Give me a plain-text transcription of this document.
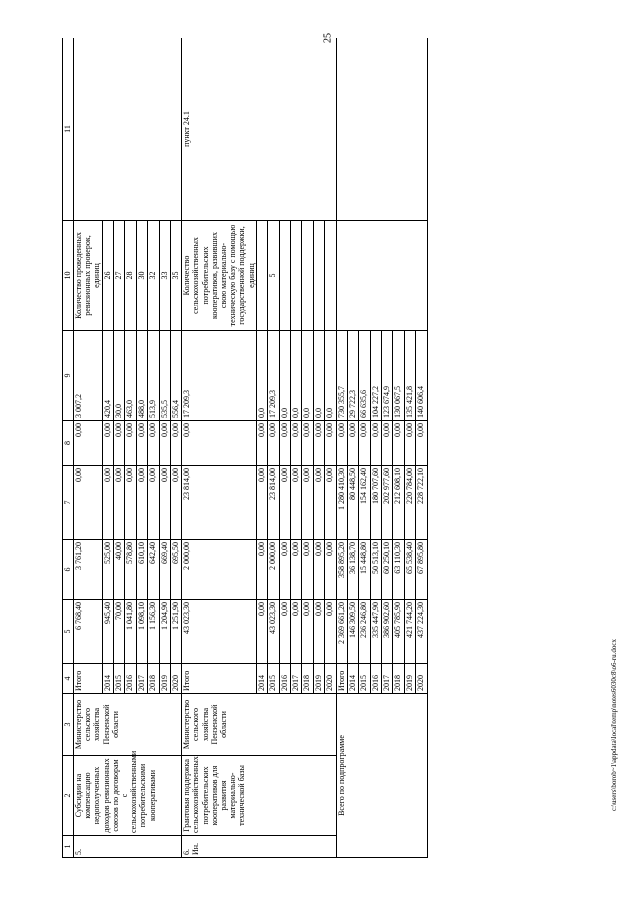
25
c:\users\borob~1\appdata\local\temp\notes6030c8\o6-ru.docx
1	2	3	4	5	6	7	8	9	10	11
5.	Субсидии на компенсацию недополученных доходов ревизионных союзов по договорам с сельскохозяйственными потребительскими кооперативами	Министерство сельского хозяйства Пензенской области	Итого	6 768,40	3 761,20	0,00	0,00	3 007,2	Количество проведенных ревизионных проверок, единиц	
			2014	945,40	525,00	0,00	0,00	420,4	26	
			2015	70,00	40,00	0,00	0,00	30,0	27	
			2016	1 041,80	578,80	0,00	0,00	463,0	28	
			2017	1 098,10	610,10	0,00	0,00	488,0	30	
			2018	1 156,30	642,40	0,00	0,00	513,9	32	
			2019	1 204,90	669,40	0,00	0,00	535,5	33	
			2020	1 251,90	695,50	0,00	0,00	556,4	35	
6. Ин.	Грантовая поддержка сельскохозяйственных потребительских кооперативов для развития материально-технической базы	Министерство сельского хозяйства Пензенской области	Итого	43 023,30	2 000,00	23 814,00	0,00	17 209,3	Количество сельскохозяйственных потребительских кооперативов, развивших свою материально-техническую базу с помощью государственной поддержки, единиц	пункт 24.1
			2014	0,00	0,00	0,00	0,00	0,0		
			2015	43 023,30	2 000,00	23 814,00	0,00	17 209,3	5	
			2016	0,00	0,00	0,00	0,00	0,0		
			2017	0,00	0,00	0,00	0,00	0,0		
			2018	0,00	0,00	0,00	0,00	0,0		
			2019	0,00	0,00	0,00	0,00	0,0		
			2020	0,00	0,00	0,00	0,00	0,0		
Всего по подпрограмме			Итого	2 369 661,20	358 895,20	1 280 410,30	0,00	730 355,7		
			2014	146 309,50	36 138,70	80 448,50	0,00	29 722,3		
			2015	236 246,80	15 448,80	154 162,40	0,00	66 635,6		
			2016	335 447,90	50 513,10	180 707,60	0,00	104 227,2		
			2017	386 902,60	60 250,10	202 977,60	0,00	123 674,9		
			2018	405 785,90	63 110,30	212 608,10	0,00	130 067,5		
			2019	421 744,20	65 538,40	220 784,00	0,00	135 421,8		
			2020	437 224,30	67 895,80	228 722,10	0,00	140 606,4		
